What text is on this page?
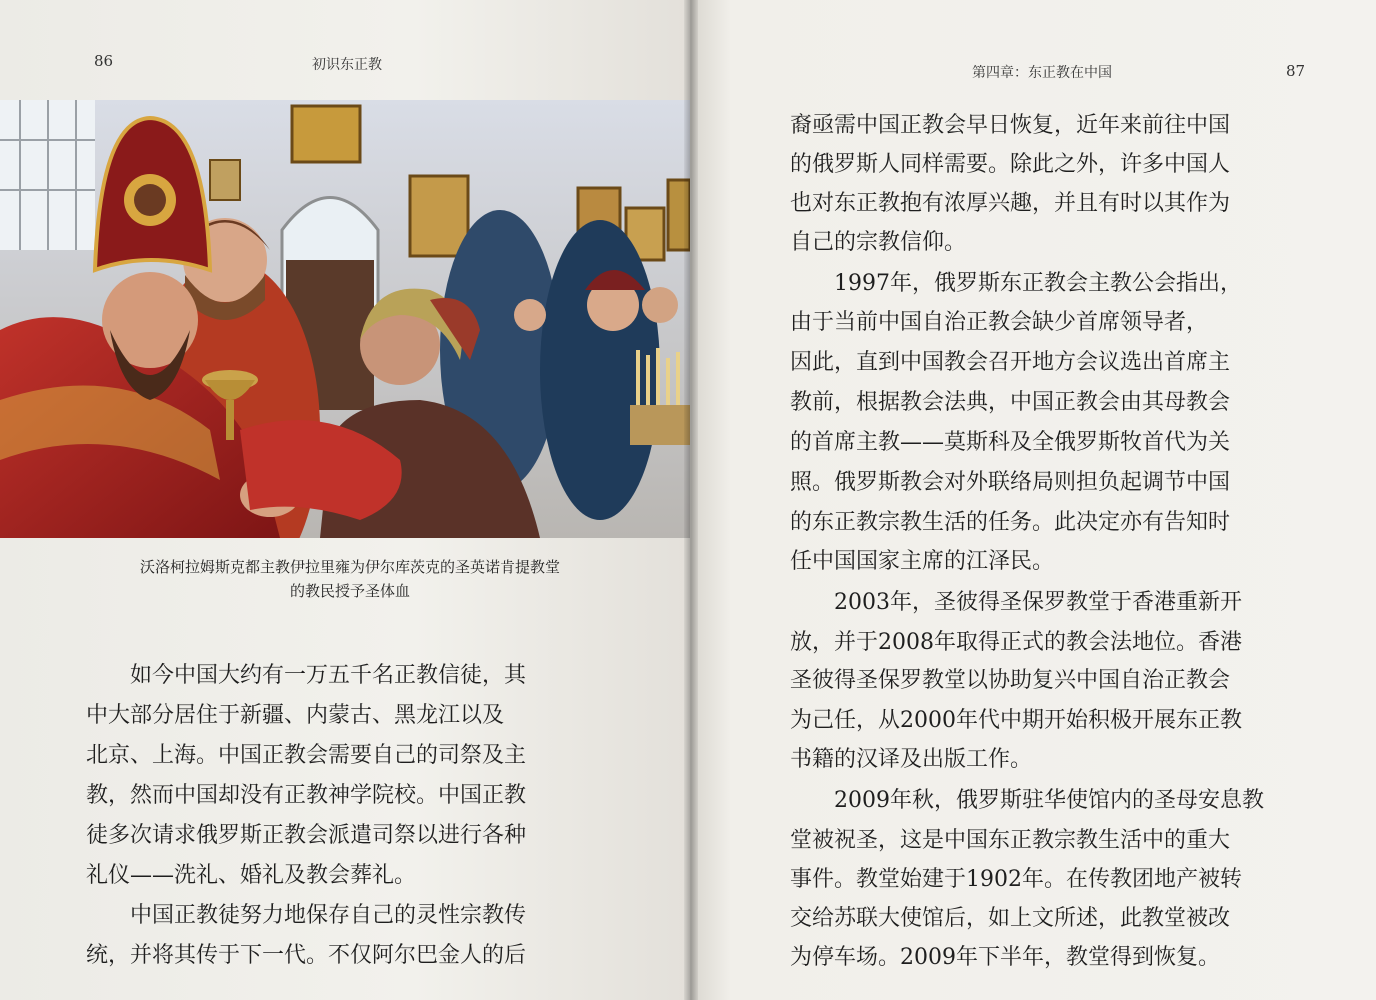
86	初识东正教
沃洛柯拉姆斯克都主教伊拉里雍为伊尔库茨克的圣英诺肯提教堂
的教民授予圣体血
如今中国大约有一万五千名正教信徒，其
中大部分居住于新疆、内蒙古、黑龙江以及
北京、上海。中国正教会需要自己的司祭及主
教，然而中国却没有正教神学院校。中国正教
徒多次请求俄罗斯正教会派遣司祭以进行各种
礼仪——洗礼、婚礼及教会葬礼。
中国正教徒努力地保存自己的灵性宗教传
统，并将其传于下一代。不仅阿尔巴金人的后
第四章：东正教在中国	87
裔亟需中国正教会早日恢复，近年来前往中国
的俄罗斯人同样需要。除此之外，许多中国人
也对东正教抱有浓厚兴趣，并且有时以其作为
自己的宗教信仰。
1997年，俄罗斯东正教会主教公会指出，
由于当前中国自治正教会缺少首席领导者，
因此，直到中国教会召开地方会议选出首席主
教前，根据教会法典，中国正教会由其母教会
的首席主教——莫斯科及全俄罗斯牧首代为关
照。俄罗斯教会对外联络局则担负起调节中国
的东正教宗教生活的任务。此决定亦有告知时
任中国国家主席的江泽民。
2003年，圣彼得圣保罗教堂于香港重新开
放，并于2008年取得正式的教会法地位。香港
圣彼得圣保罗教堂以协助复兴中国自治正教会
为己任，从2000年代中期开始积极开展东正教
书籍的汉译及出版工作。
2009年秋，俄罗斯驻华使馆内的圣母安息教
堂被祝圣，这是中国东正教宗教生活中的重大
事件。教堂始建于1902年。在传教团地产被转
交给苏联大使馆后，如上文所述，此教堂被改
为停车场。2009年下半年，教堂得到恢复。
